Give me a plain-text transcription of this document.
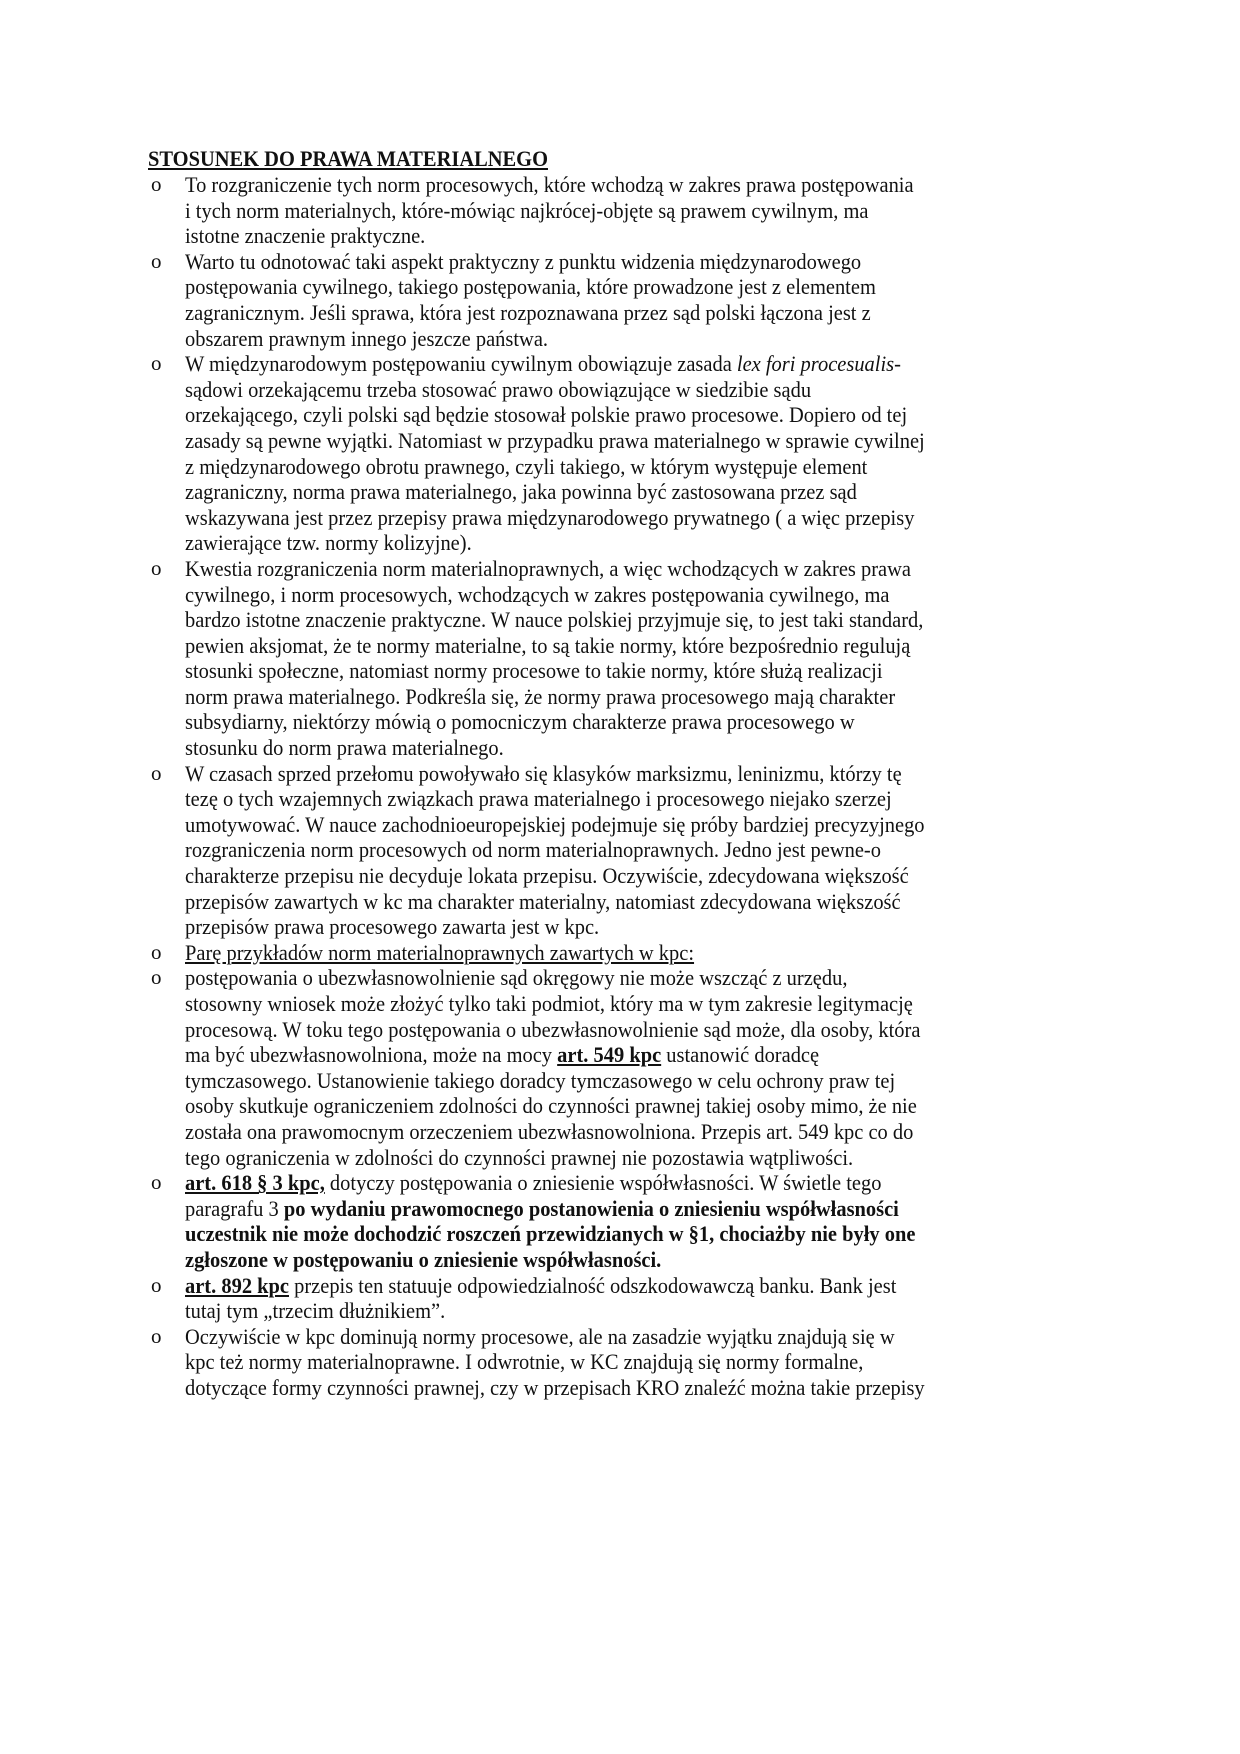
STOSUNEK DO PRAWA MATERIALNEGO
o To rozgraniczenie tych norm procesowych, które wchodzą w zakres prawa postępowania
i tych norm materialnych, które-mówiąc najkrócej-objęte są prawem cywilnym, ma
istotne znaczenie praktyczne.
o Warto tu odnotować taki aspekt praktyczny z punktu widzenia międzynarodowego
postępowania cywilnego, takiego postępowania, które prowadzone jest z elementem
zagranicznym. Jeśli sprawa, która jest rozpoznawana przez sąd polski łączona jest z
obszarem prawnym innego jeszcze państwa.
o W międzynarodowym postępowaniu cywilnym obowiązuje zasada lex fori procesualis-
sądowi orzekającemu trzeba stosować prawo obowiązujące w siedzibie sądu
orzekającego, czyli polski sąd będzie stosował polskie prawo procesowe. Dopiero od tej
zasady są pewne wyjątki. Natomiast w przypadku prawa materialnego w sprawie cywilnej
z międzynarodowego obrotu prawnego, czyli takiego, w którym występuje element
zagraniczny, norma prawa materialnego, jaka powinna być zastosowana przez sąd
wskazywana jest przez przepisy prawa międzynarodowego prywatnego ( a więc przepisy
zawierające tzw. normy kolizyjne).
o Kwestia rozgraniczenia norm materialnoprawnych, a więc wchodzących w zakres prawa
cywilnego, i norm procesowych, wchodzących w zakres postępowania cywilnego, ma
bardzo istotne znaczenie praktyczne. W nauce polskiej przyjmuje się, to jest taki standard,
pewien aksjomat, że te normy materialne, to są takie normy, które bezpośrednio regulują
stosunki społeczne, natomiast normy procesowe to takie normy, które służą realizacji
norm prawa materialnego. Podkreśla się, że normy prawa procesowego mają charakter
subsydiarny, niektórzy mówią o pomocniczym charakterze prawa procesowego w
stosunku do norm prawa materialnego.
o W czasach sprzed przełomu powoływało się klasyków marksizmu, leninizmu, którzy tę
tezę o tych wzajemnych związkach prawa materialnego i procesowego niejako szerzej
umotywować. W nauce zachodnioeuropejskiej podejmuje się próby bardziej precyzyjnego
rozgraniczenia norm procesowych od norm materialnoprawnych. Jedno jest pewne-o
charakterze przepisu nie decyduje lokata przepisu. Oczywiście, zdecydowana większość
przepisów zawartych w kc ma charakter materialny, natomiast zdecydowana większość
przepisów prawa procesowego zawarta jest w kpc.
o Parę przykładów norm materialnoprawnych zawartych w kpc:
o postępowania o ubezwłasnowolnienie sąd okręgowy nie może wszcząć z urzędu,
stosowny wniosek może złożyć tylko taki podmiot, który ma w tym zakresie legitymację
procesową. W toku tego postępowania o ubezwłasnowolnienie sąd może, dla osoby, która
ma być ubezwłasnowolniona, może na mocy art. 549 kpc ustanowić doradcę
tymczasowego. Ustanowienie takiego doradcy tymczasowego w celu ochrony praw tej
osoby skutkuje ograniczeniem zdolności do czynności prawnej takiej osoby mimo, że nie
została ona prawomocnym orzeczeniem ubezwłasnowolniona. Przepis art. 549 kpc co do
tego ograniczenia w zdolności do czynności prawnej nie pozostawia wątpliwości.
o art. 618 § 3 kpc, dotyczy postępowania o zniesienie współwłasności. W świetle tego
paragrafu 3 po wydaniu prawomocnego postanowienia o zniesieniu współwłasności
uczestnik nie może dochodzić roszczeń przewidzianych w §1, chociażby nie były one
zgłoszone w postępowaniu o zniesienie współwłasności.
o art. 892 kpc przepis ten statuuje odpowiedzialność odszkodowawczą banku. Bank jest
tutaj tym „trzecim dłużnikiem”.
o Oczywiście w kpc dominują normy procesowe, ale na zasadzie wyjątku znajdują się w
kpc też normy materialnoprawne. I odwrotnie, w KC znajdują się normy formalne,
dotyczące formy czynności prawnej, czy w przepisach KRO znaleźć można takie przepisy
